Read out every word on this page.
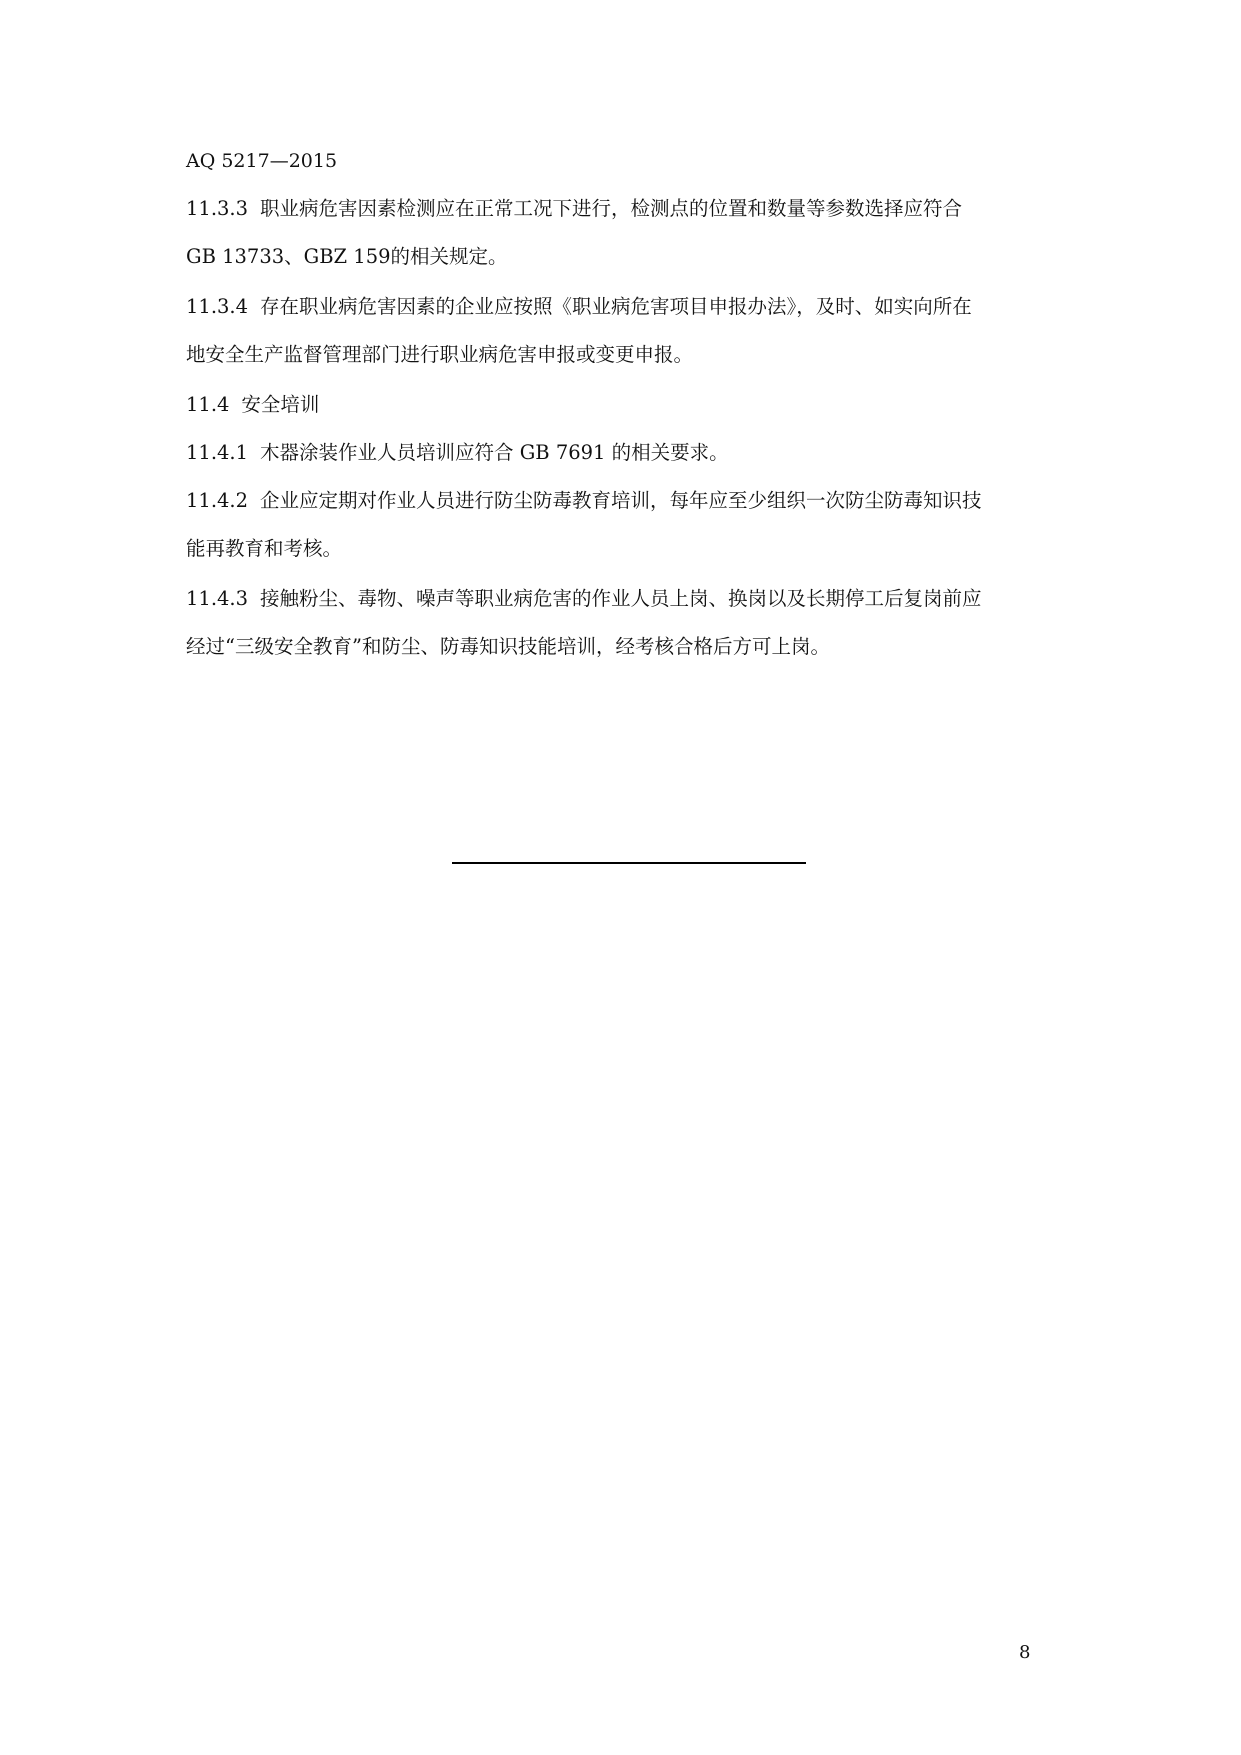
AQ 5217—2015
11.3.3 职业病危害因素检测应在正常工况下进行，检测点的位置和数量等参数选择应符合
GB 13733、GBZ 159的相关规定。
11.3.4 存在职业病危害因素的企业应按照《职业病危害项目申报办法》，及时、如实向所在
地安全生产监督管理部门进行职业病危害申报或变更申报。
11.4 安全培训
11.4.1 木器涂装作业人员培训应符合 GB 7691 的相关要求。
11.4.2 企业应定期对作业人员进行防尘防毒教育培训，每年应至少组织一次防尘防毒知识技
能再教育和考核。
11.4.3 接触粉尘、毒物、噪声等职业病危害的作业人员上岗、换岗以及长期停工后复岗前应
经过“三级安全教育”和防尘、防毒知识技能培训，经考核合格后方可上岗。
8
